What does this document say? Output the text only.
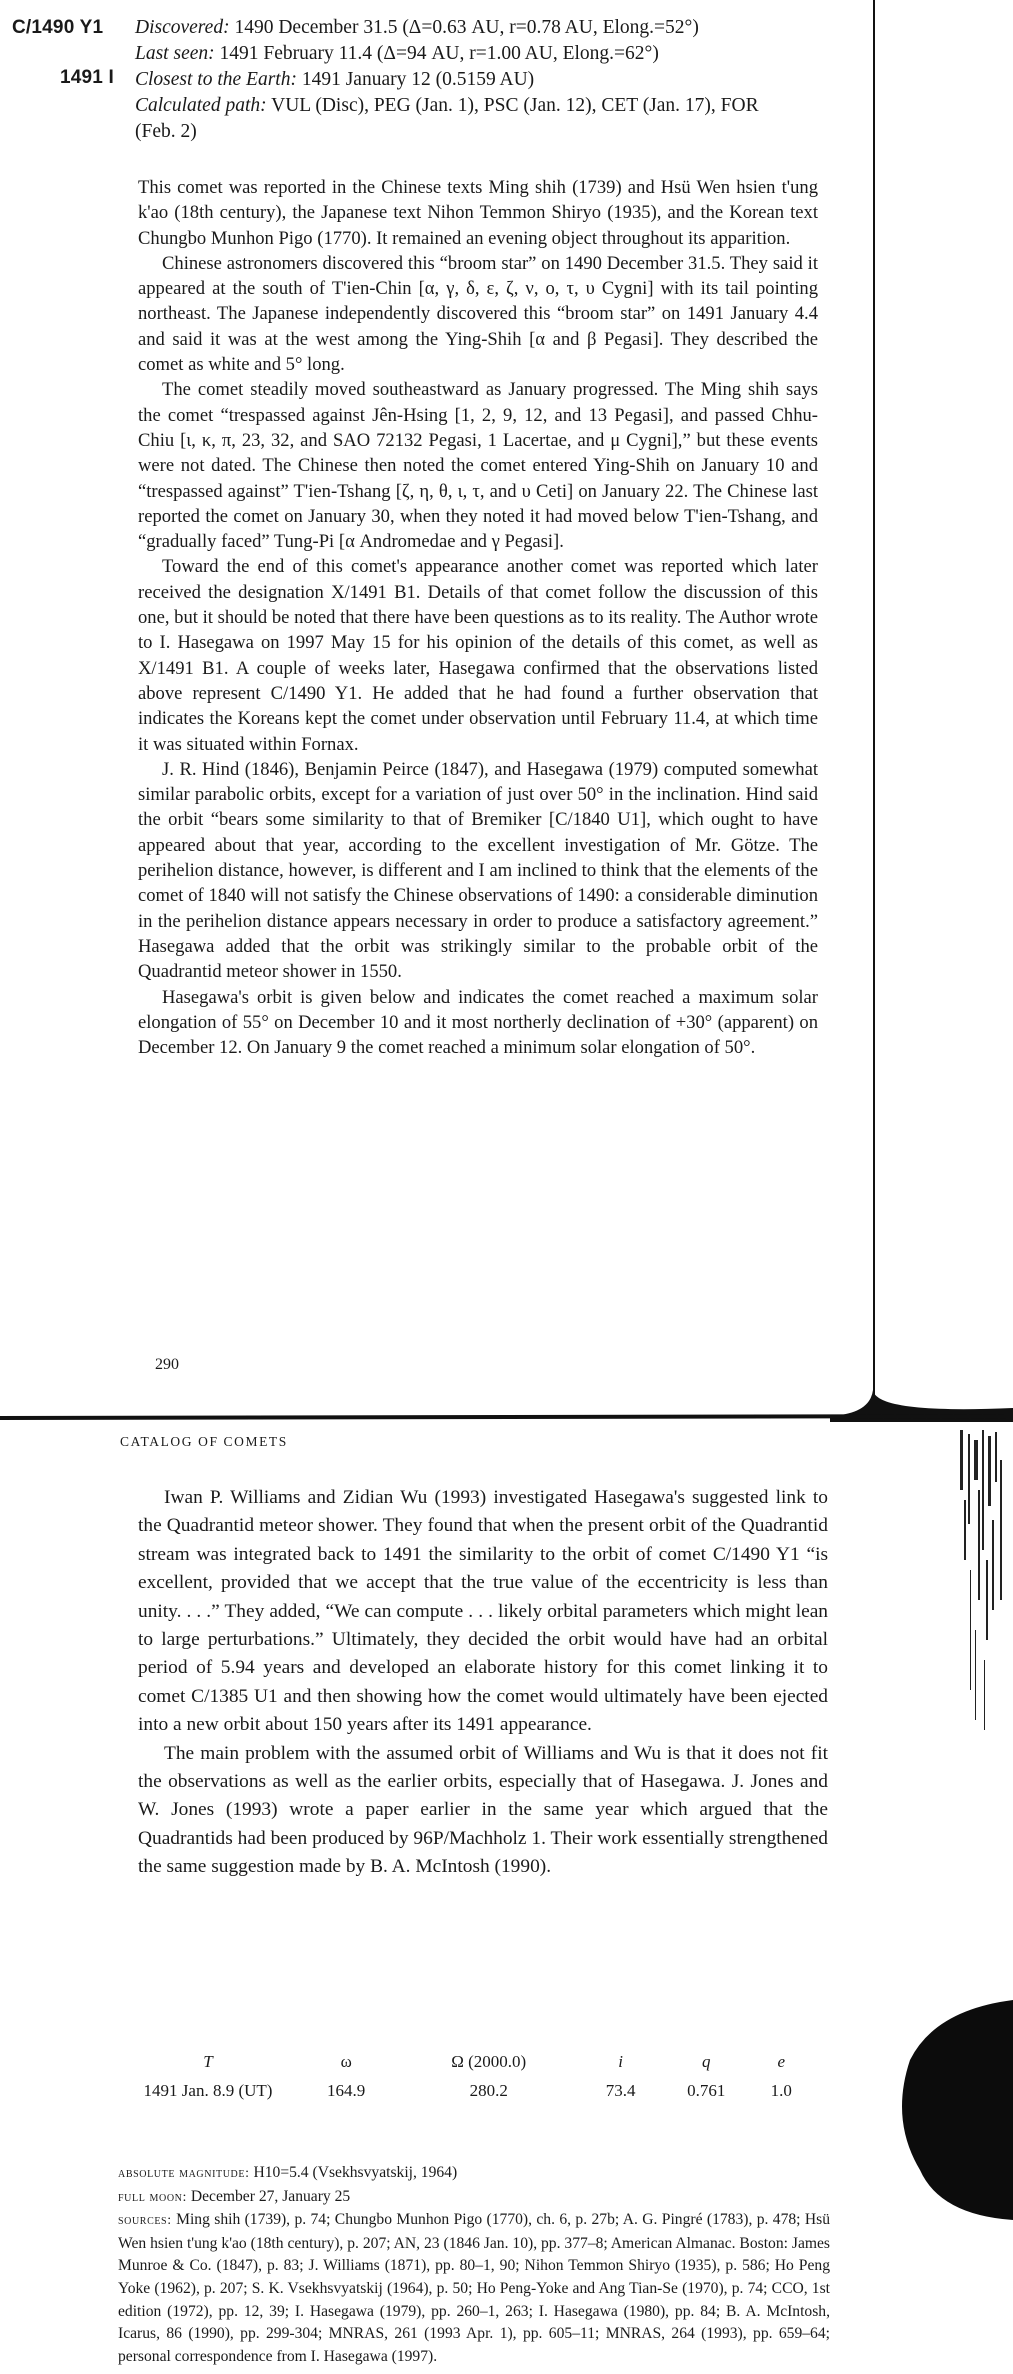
C/1490 Y1
1491 I
Discovered: 1490 December 31.5 (Δ=0.63 AU, r=0.78 AU, Elong.=52°)
Last seen: 1491 February 11.4 (Δ=94 AU, r=1.00 AU, Elong.=62°)
Closest to the Earth: 1491 January 12 (0.5159 AU)
Calculated path: VUL (Disc), PEG (Jan. 1), PSC (Jan. 12), CET (Jan. 17), FOR
(Feb. 2)

This comet was reported in the Chinese texts Ming shih (1739) and Hsü Wen hsien t'ung k'ao (18th century), the Japanese text Nihon Temmon Shiryo (1935), and the Korean text Chungbo Munhon Pigo (1770). It remained an evening object throughout its apparition.

Chinese astronomers discovered this “broom star” on 1490 December 31.5. They said it appeared at the south of T'ien-Chin [α, γ, δ, ε, ζ, ν, ο, τ, υ Cygni] with its tail pointing northeast. The Japanese independently discovered this “broom star” on 1491 January 4.4 and said it was at the west among the Ying-Shih [α and β Pegasi]. They described the comet as white and 5° long.

The comet steadily moved southeastward as January progressed. The Ming shih says the comet “trespassed against Jên-Hsing [1, 2, 9, 12, and 13 Pegasi], and passed Chhu-Chiu [ι, κ, π, 23, 32, and SAO 72132 Pegasi, 1 Lacertae, and μ Cygni],” but these events were not dated. The Chinese then noted the comet entered Ying-Shih on January 10 and “trespassed against” T'ien-Tshang [ζ, η, θ, ι, τ, and υ Ceti] on January 22. The Chinese last reported the comet on January 30, when they noted it had moved below T'ien-Tshang, and “gradually faced” Tung-Pi [α Andromedae and γ Pegasi].

Toward the end of this comet's appearance another comet was reported which later received the designation X/1491 B1. Details of that comet follow the discussion of this one, but it should be noted that there have been questions as to its reality. The Author wrote to I. Hasegawa on 1997 May 15 for his opinion of the details of this comet, as well as X/1491 B1. A couple of weeks later, Hasegawa confirmed that the observations listed above represent C/1490 Y1. He added that he had found a further observation that indicates the Koreans kept the comet under observation until February 11.4, at which time it was situated within Fornax.

J. R. Hind (1846), Benjamin Peirce (1847), and Hasegawa (1979) computed somewhat similar parabolic orbits, except for a variation of just over 50° in the inclination. Hind said the orbit “bears some similarity to that of Bremiker [C/1840 U1], which ought to have appeared about that year, according to the excellent investigation of Mr. Götze. The perihelion distance, however, is different and I am inclined to think that the elements of the comet of 1840 will not satisfy the Chinese observations of 1490: a considerable diminution in the perihelion distance appears necessary in order to produce a satisfactory agreement.” Hasegawa added that the orbit was strikingly similar to the probable orbit of the Quadrantid meteor shower in 1550.

Hasegawa's orbit is given below and indicates the comet reached a maximum solar elongation of 55° on December 10 and it most northerly declination of +30° (apparent) on December 12. On January 9 the comet reached a minimum solar elongation of 50°.

290
CATALOG OF COMETS

Iwan P. Williams and Zidian Wu (1993) investigated Hasegawa's suggested link to the Quadrantid meteor shower. They found that when the present orbit of the Quadrantid stream was integrated back to 1491 the similarity to the orbit of comet C/1490 Y1 “is excellent, provided that we accept that the true value of the eccentricity is less than unity. . . .” They added, “We can compute . . . likely orbital parameters which might lean to large perturbations.” Ultimately, they decided the orbit would have had an orbital period of 5.94 years and developed an elaborate history for this comet linking it to comet C/1385 U1 and then showing how the comet would ultimately have been ejected into a new orbit about 150 years after its 1491 appearance.

The main problem with the assumed orbit of Williams and Wu is that it does not fit the observations as well as the earlier orbits, especially that of Hasegawa. J. Jones and W. Jones (1993) wrote a paper earlier in the same year which argued that the Quadrantids had been produced by 96P/Machholz 1. Their work essentially strengthened the same suggestion made by B. A. McIntosh (1990).

T	ω	Ω (2000.0)	i	q	e
1491 Jan. 8.9 (UT)	164.9	280.2	73.4	0.761	1.0

absolute magnitude: H10=5.4 (Vsekhsvyatskij, 1964)

full moon: December 27, January 25

sources: Ming shih (1739), p. 74; Chungbo Munhon Pigo (1770), ch. 6, p. 27b; A. G. Pingré (1783), p. 478; Hsü Wen hsien t'ung k'ao (18th century), p. 207; AN, 23 (1846 Jan. 10), pp. 377–8; American Almanac. Boston: James Munroe & Co. (1847), p. 83; J. Williams (1871), pp. 80–1, 90; Nihon Temmon Shiryo (1935), p. 586; Ho Peng Yoke (1962), p. 207; S. K. Vsekhsvyatskij (1964), p. 50; Ho Peng-Yoke and Ang Tian-Se (1970), p. 74; CCO, 1st edition (1972), pp. 12, 39; I. Hasegawa (1979), pp. 260–1, 263; I. Hasegawa (1980), pp. 84; B. A. McIntosh, Icarus, 86 (1990), pp. 299-304; MNRAS, 261 (1993 Apr. 1), pp. 605–11; MNRAS, 264 (1993), pp. 659–64; personal correspondence from I. Hasegawa (1997).
